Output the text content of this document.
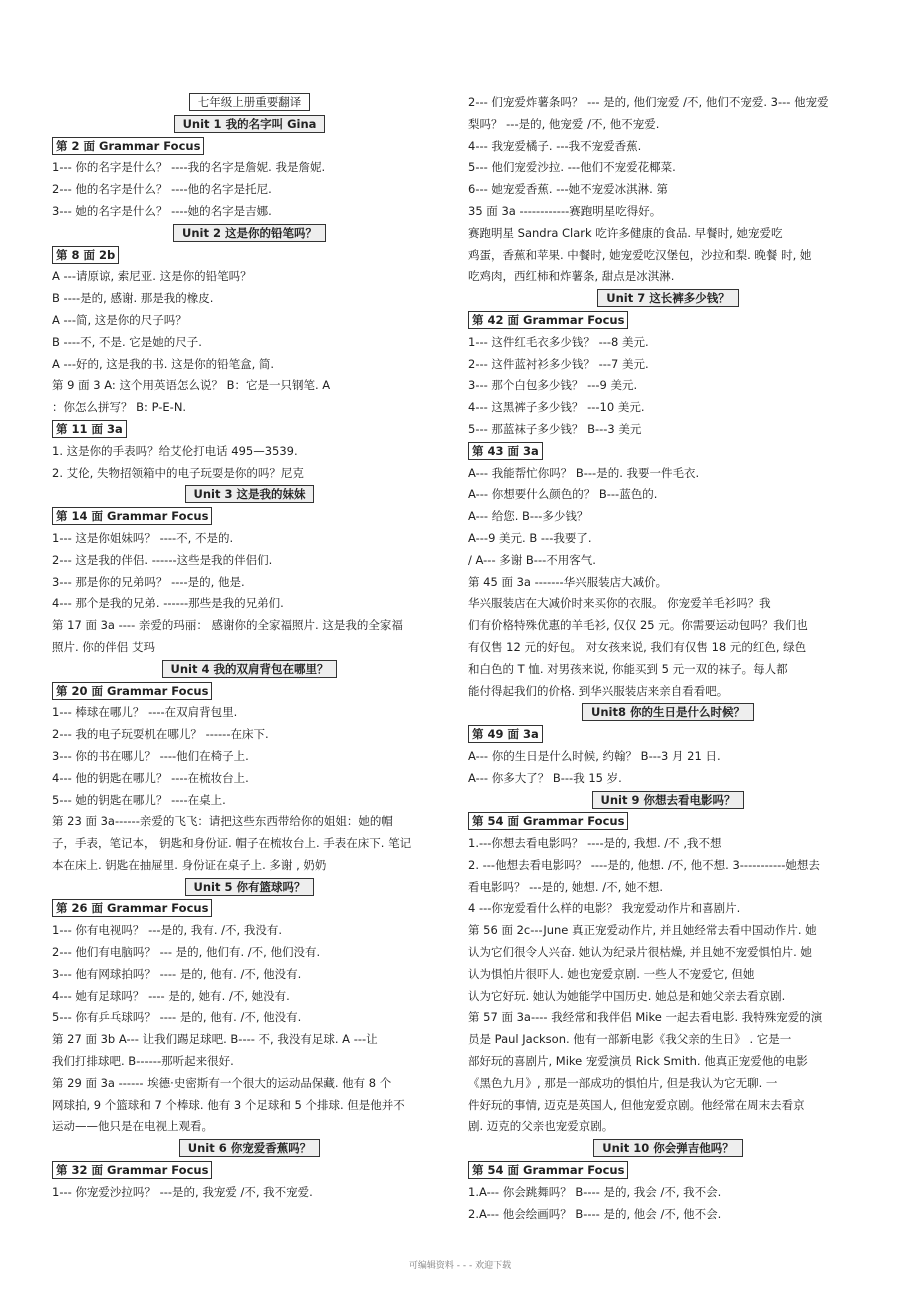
七年级上册重要翻译
Unit 1 我的名字叫 Gina
第 2 面 Grammar Focus
1--- 你的名字是什么？ ----我的名字是詹妮. 我是詹妮.
2--- 他的名字是什么？ ----他的名字是托尼.
3--- 她的名字是什么？ ----她的名字是吉娜.
Unit 2 这是你的铅笔吗？
第 8 面 2b
A ---请原谅, 索尼亚. 这是你的铅笔吗？
B ----是的, 感谢. 那是我的橡皮.
A ---简, 这是你的尺子吗？
B ----不, 不是. 它是她的尺子.
A ---好的, 这是我的书. 这是你的铅笔盒, 简.
第 9 面 3 A: 这个用英语怎么说？ B：它是一只钢笔. A
：你怎么拼写？ B: P-E-N.
第 11 面 3a
1. 这是你的手表吗？给艾伦打电话 495—3539.
2. 艾伦, 失物招领箱中的电子玩耍是你的吗？尼克
Unit 3 这是我的妹妹
第 14 面 Grammar Focus
1--- 这是你姐妹吗？ ----不, 不是的.
2--- 这是我的伴侣. ------这些是我的伴侣们.
3--- 那是你的兄弟吗？ ----是的, 他是.
4--- 那个是我的兄弟. ------那些是我的兄弟们.
第 17 面 3a ---- 亲爱的玛丽： 感谢你的全家福照片. 这是我的全家福
照片. 你的伴侣 艾玛
Unit 4 我的双肩背包在哪里？
第 20 面 Grammar Focus
1--- 棒球在哪儿？ ----在双肩背包里.
2--- 我的电子玩耍机在哪儿？ ------在床下.
3--- 你的书在哪儿？ ----他们在椅子上.
4--- 他的钥匙在哪儿？ ----在梳妆台上.
5--- 她的钥匙在哪儿？ ----在桌上.
第 23 面 3a------亲爱的飞飞：请把这些东西带给你的姐姐：她的帽
子，手表，笔记本， 钥匙和身份证. 帽子在梳妆台上. 手表在床下. 笔记
本在床上. 钥匙在抽屉里. 身份证在桌子上. 多谢 , 奶奶
Unit 5 你有篮球吗？
第 26 面 Grammar Focus
1--- 你有电视吗？ ---是的, 我有. /不, 我没有.
2--- 他们有电脑吗？ --- 是的, 他们有. /不, 他们没有.
3--- 他有网球拍吗？ ---- 是的, 他有. /不, 他没有.
4--- 她有足球吗？ ---- 是的, 她有. /不, 她没有.
5--- 你有乒乓球吗？ ---- 是的, 他有. /不, 他没有.
第 27 面 3b A--- 让我们踢足球吧. B---- 不, 我没有足球. A ---让
我们打排球吧. B------那听起来很好.
第 29 面 3a ------ 埃德·史密斯有一个很大的运动品保藏. 他有 8 个
网球拍, 9 个篮球和 7 个棒球. 他有 3 个足球和 5 个排球. 但是他并不
运动——他只是在电视上观看。
Unit 6 你宠爱香蕉吗？
第 32 面 Grammar Focus
1--- 你宠爱沙拉吗？ ---是的, 我宠爱 /不, 我不宠爱.
2--- 们宠爱炸薯条吗？ --- 是的, 他们宠爱 /不, 他们不宠爱. 3--- 他宠爱
梨吗？ ---是的, 他宠爱 /不, 他不宠爱.
4--- 我宠爱橘子. ---我不宠爱香蕉.
5--- 他们宠爱沙拉. ---他们不宠爱花椰菜.
6--- 她宠爱香蕉. ---她不宠爱冰淇淋. 第
35 面 3a ------------赛跑明星吃得好。
赛跑明星 Sandra Clark 吃许多健康的食品. 早餐时, 她宠爱吃
鸡蛋，香蕉和苹果. 中餐时, 她宠爱吃汉堡包，沙拉和梨. 晚餐 时, 她
吃鸡肉，西红柿和炸薯条, 甜点是冰淇淋.
Unit 7 这长裤多少钱？
第 42 面 Grammar Focus
1--- 这件红毛衣多少钱？ ---8 美元.
2--- 这件蓝衬衫多少钱？ ---7 美元.
3--- 那个白包多少钱？ ---9 美元.
4--- 这黑裤子多少钱？ ---10 美元.
5--- 那蓝袜子多少钱？ B---3 美元
第 43 面 3a
A--- 我能帮忙你吗？ B---是的. 我要一件毛衣.
A--- 你想要什么颜色的？ B---蓝色的.
A--- 给您. B---多少钱？
A---9 美元. B ---我要了.
/ A--- 多谢 B---不用客气.
第 45 面 3a -------华兴服装店大减价。
华兴服装店在大减价时来买你的衣服。 你宠爱羊毛衫吗？我
们有价格特殊优惠的羊毛衫, 仅仅 25 元。你需要运动包吗？我们也
有仅售 12 元的好包。 对女孩来说, 我们有仅售 18 元的红色, 绿色
和白色的 T 恤. 对男孩来说, 你能买到 5 元一双的袜子。每人都
能付得起我们的价格. 到华兴服装店来亲自看看吧。
Unit8 你的生日是什么时候？
第 49 面 3a
A--- 你的生日是什么时候, 约翰？ B---3 月 21 日.
A--- 你多大了？ B---我 15 岁.
Unit 9 你想去看电影吗？
第 54 面 Grammar Focus
1.---你想去看电影吗？ ----是的, 我想. /不 ,我不想
2. ---他想去看电影吗？ ----是的, 他想. /不, 他不想. 3-----------她想去
看电影吗？ ---是的, 她想. /不, 她不想.
4 ---你宠爱看什么样的电影？ 我宠爱动作片和喜剧片.
第 56 面 2c---June 真正宠爱动作片, 并且她经常去看中国动作片. 她
认为它们很令人兴奋. 她认为纪录片很枯燥, 并且她不宠爱惧怕片. 她
认为惧怕片很吓人. 她也宠爱京剧. 一些人不宠爱它, 但她
认为它好玩. 她认为她能学中国历史. 她总是和她父亲去看京剧.
第 57 面 3a---- 我经常和我伴侣 Mike 一起去看电影. 我特殊宠爱的演
员是 Paul Jackson. 他有一部新电影《我父亲的生日》 . 它是一
部好玩的喜剧片, Mike 宠爱演员 Rick Smith. 他真正宠爱他的电影
《黑色九月》, 那是一部成功的惧怕片, 但是我认为它无聊. 一
件好玩的事情, 迈克是英国人, 但他宠爱京剧。他经常在周末去看京
剧. 迈克的父亲也宠爱京剧。
Unit 10 你会弹吉他吗？
第 54 面 Grammar Focus
1.A--- 你会跳舞吗？ B---- 是的, 我会 /不, 我不会.
2.A--- 他会绘画吗？ B---- 是的, 他会 /不, 他不会.
可编辑资料 - - - 欢迎下载
